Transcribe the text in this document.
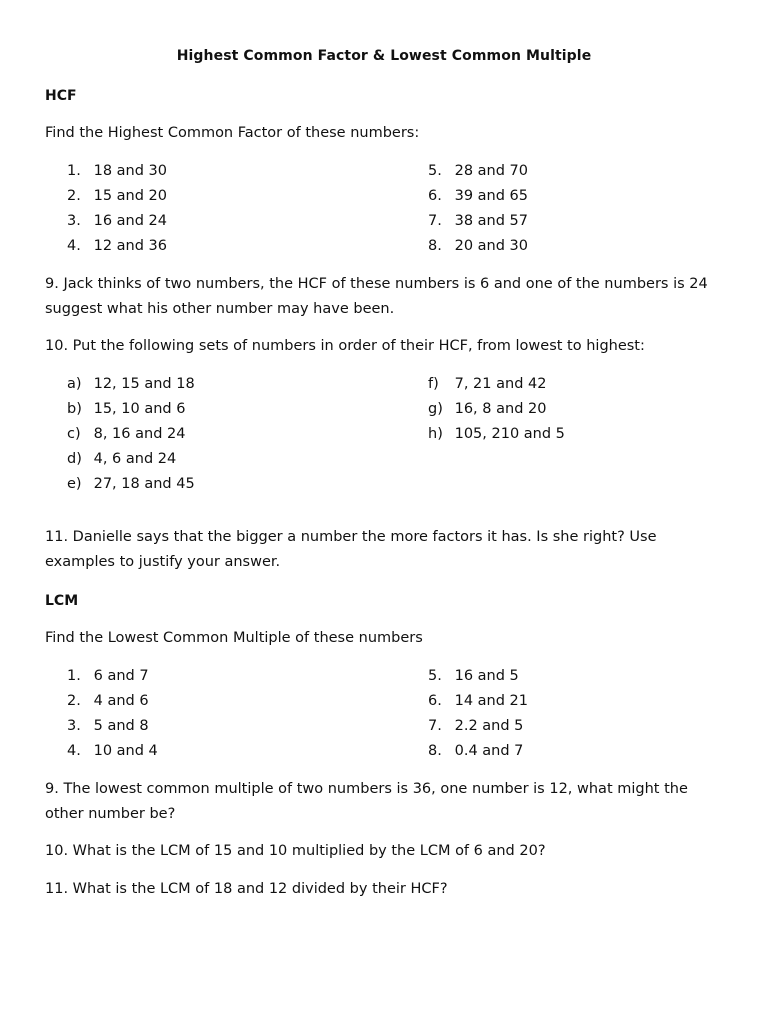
Highest Common Factor & Lowest Common Multiple
HCF
Find the Highest Common Factor of these numbers:
1. 18 and 30
2. 15 and 20
3. 16 and 24
4. 12 and 36
5. 28 and 70
6. 39 and 65
7. 38 and 57
8. 20 and 30
9. Jack thinks of two numbers, the HCF of these numbers is 6 and one of the numbers is 24 suggest what his other number may have been.
10. Put the following sets of numbers in order of their HCF, from lowest to highest:
a) 12, 15 and 18
b) 15, 10 and 6
c) 8, 16 and 24
d) 4, 6 and 24
e) 27, 18 and 45
f) 7, 21 and 42
g) 16, 8 and 20
h) 105, 210 and 5
11. Danielle says that the bigger a number the more factors it has. Is she right? Use examples to justify your answer.
LCM
Find the Lowest Common Multiple of these numbers
1. 6 and 7
2. 4 and 6
3. 5 and 8
4. 10 and 4
5. 16 and 5
6. 14 and 21
7. 2.2 and 5
8. 0.4 and 7
9. The lowest common multiple of two numbers is 36, one number is 12, what might the other number be?
10. What is the LCM of 15 and 10 multiplied by the LCM of 6 and 20?
11. What is the LCM of 18 and 12 divided by their HCF?
